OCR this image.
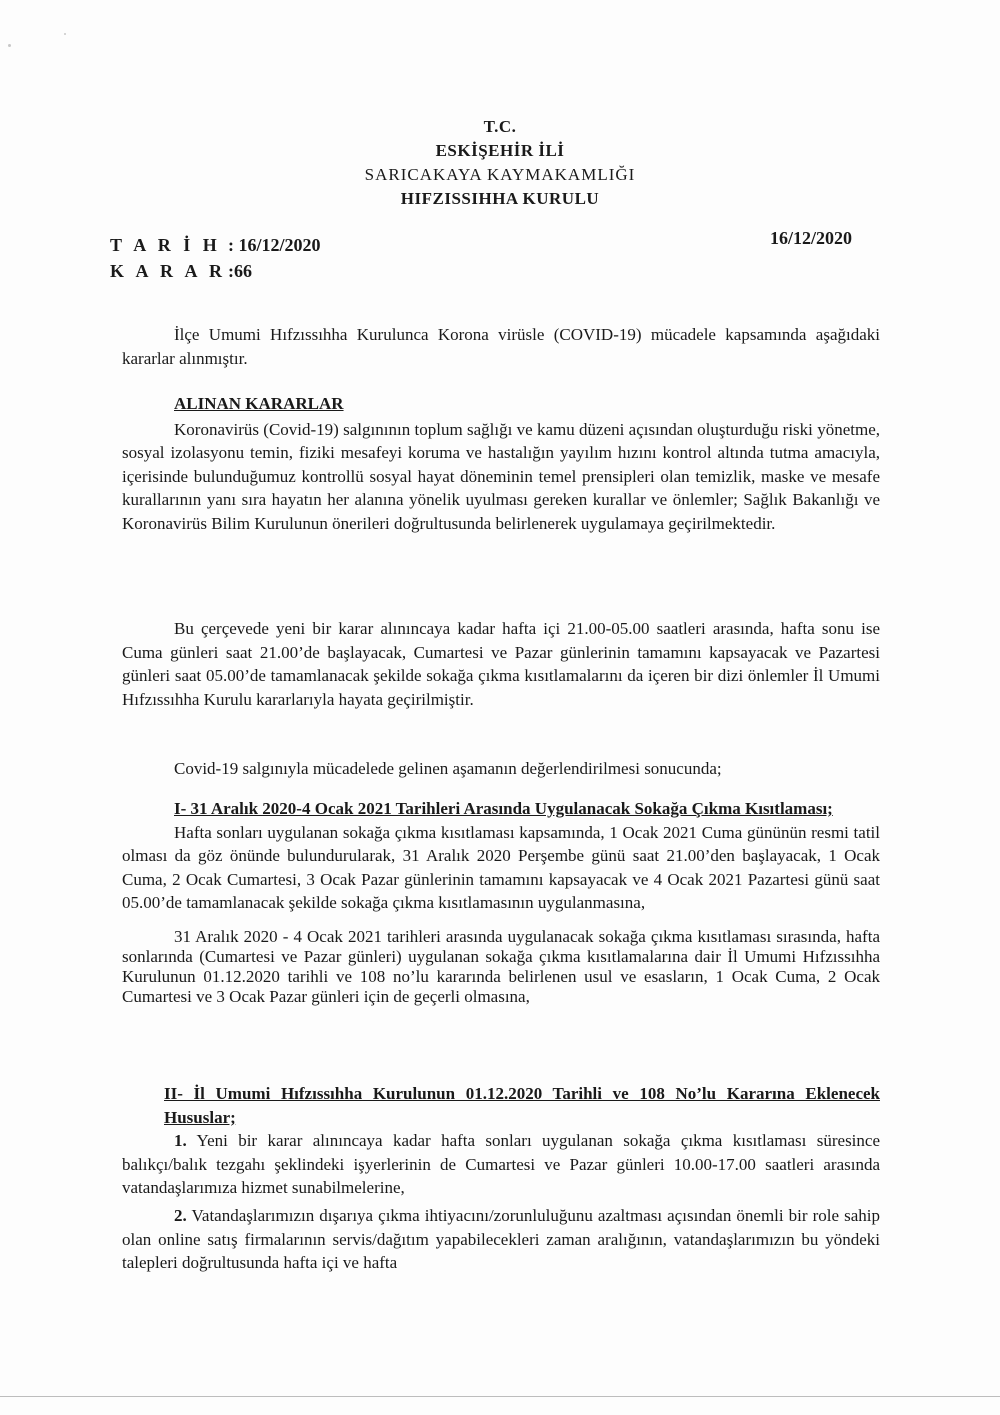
T.C.
ESKİŞEHİR İLİ
SARICAKAYA KAYMAKAMLIĞI
HIFZISSIHHA KURULU
T A R İ H : 16/12/2020
K A R A R :66
16/12/2020

İlçe Umumi Hıfzıssıhha Kurulunca Korona virüsle (COVID-19) mücadele kapsamında aşağıdaki kararlar alınmıştır.

ALINAN KARARLAR

Koronavirüs (Covid-19) salgınının toplum sağlığı ve kamu düzeni açısından oluşturduğu riski yönetme, sosyal izolasyonu temin, fiziki mesafeyi koruma ve hastalığın yayılım hızını kontrol altında tutma amacıyla, içerisinde bulunduğumuz kontrollü sosyal hayat döneminin temel prensipleri olan temizlik, maske ve mesafe kurallarının yanı sıra hayatın her alanına yönelik uyulması gereken kurallar ve önlemler; Sağlık Bakanlığı ve Koronavirüs Bilim Kurulunun önerileri doğrultusunda belirlenerek uygulamaya geçirilmektedir.

Bu çerçevede yeni bir karar alınıncaya kadar hafta içi 21.00-05.00 saatleri arasında, hafta sonu ise Cuma günleri saat 21.00’de başlayacak, Cumartesi ve Pazar günlerinin tamamını kapsayacak ve Pazartesi günleri saat 05.00’de tamamlanacak şekilde sokağa çıkma kısıtlamalarını da içeren bir dizi önlemler İl Umumi Hıfzıssıhha Kurulu kararlarıyla hayata geçirilmiştir.

Covid-19 salgınıyla mücadelede gelinen aşamanın değerlendirilmesi sonucunda;

I- 31 Aralık 2020-4 Ocak 2021 Tarihleri Arasında Uygulanacak Sokağa Çıkma Kısıtlaması;

Hafta sonları uygulanan sokağa çıkma kısıtlaması kapsamında, 1 Ocak 2021 Cuma gününün resmi tatil olması da göz önünde bulundurularak, 31 Aralık 2020 Perşembe günü saat 21.00’den başlayacak, 1 Ocak Cuma, 2 Ocak Cumartesi, 3 Ocak Pazar günlerinin tamamını kapsayacak ve 4 Ocak 2021 Pazartesi günü saat 05.00’de tamamlanacak şekilde sokağa çıkma kısıtlamasının uygulanmasına,

31 Aralık 2020 - 4 Ocak 2021 tarihleri arasında uygulanacak sokağa çıkma kısıtlaması sırasında, hafta sonlarında (Cumartesi ve Pazar günleri) uygulanan sokağa çıkma kısıtlamalarına dair İl Umumi Hıfzıssıhha Kurulunun 01.12.2020 tarihli ve 108 no’lu kararında belirlenen usul ve esasların, 1 Ocak Cuma, 2 Ocak Cumartesi ve 3 Ocak Pazar günleri için de geçerli olmasına,

II- İl Umumi Hıfzıssıhha Kurulunun 01.12.2020 Tarihli ve 108 No’lu Kararına Eklenecek Hususlar;

1. Yeni bir karar alınıncaya kadar hafta sonları uygulanan sokağa çıkma kısıtlaması süresince balıkçı/balık tezgahı şeklindeki işyerlerinin de Cumartesi ve Pazar günleri 10.00-17.00 saatleri arasında vatandaşlarımıza hizmet sunabilmelerine,

2. Vatandaşlarımızın dışarıya çıkma ihtiyacını/zorunluluğunu azaltması açısından önemli bir role sahip olan online satış firmalarının servis/dağıtım yapabilecekleri zaman aralığının, vatandaşlarımızın bu yöndeki talepleri doğrultusunda hafta içi ve hafta
